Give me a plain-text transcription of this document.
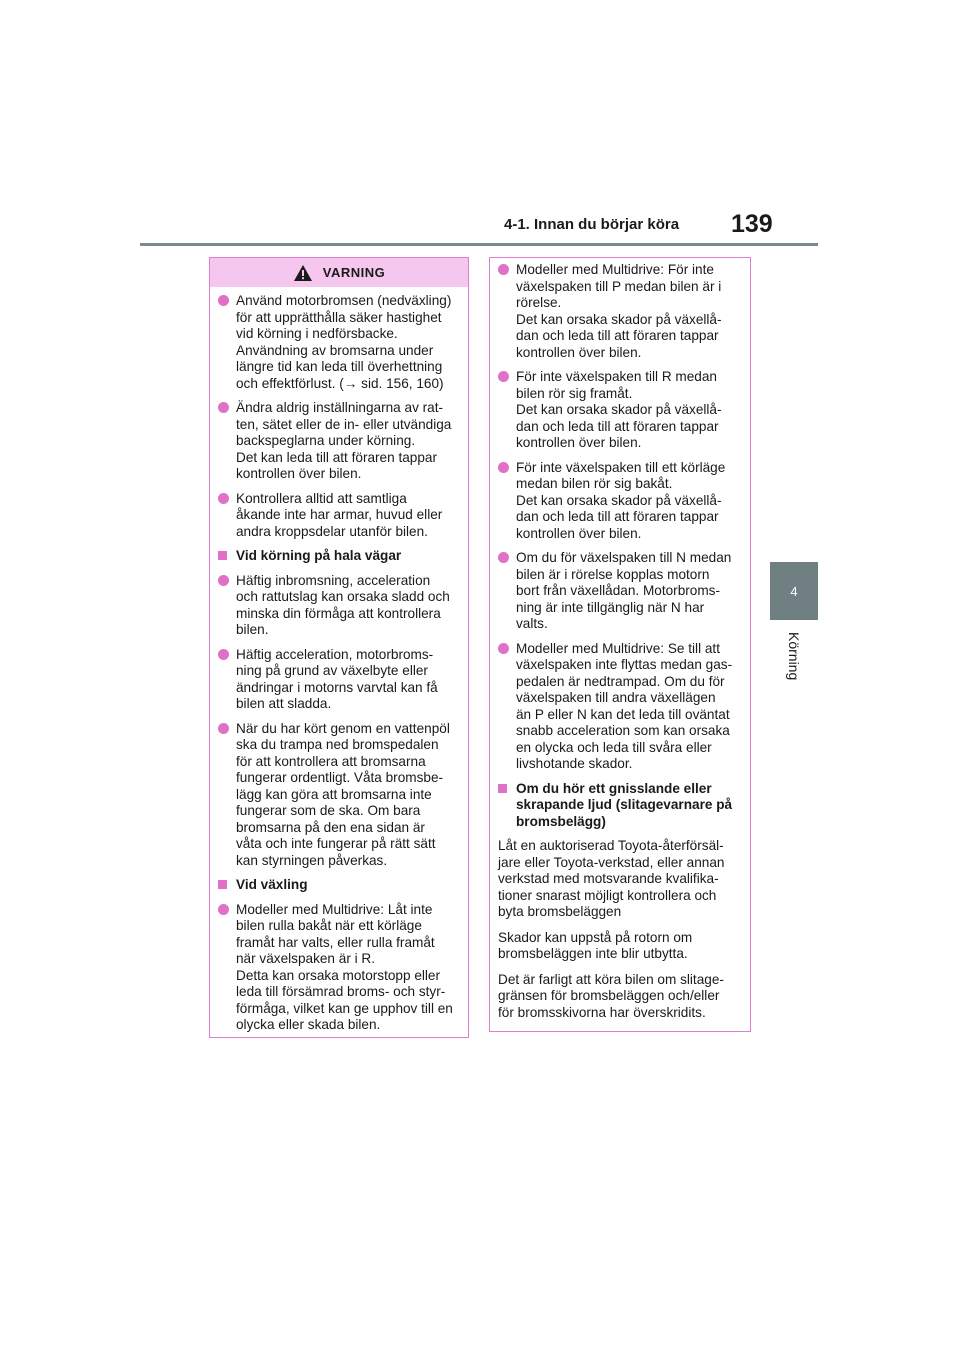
4-1. Innan du börjar köra 139
4
Körning
VARNING
Använd motorbromsen (nedväxling)
för att upprätthålla säker hastighet
vid körning i nedförsbacke.
Användning av bromsarna under
längre tid kan leda till överhettning
och effektförlust. (→ sid. 156, 160)
Ändra aldrig inställningarna av rat-
ten, sätet eller de in- eller utvändiga
backspeglarna under körning.
Det kan leda till att föraren tappar
kontrollen över bilen.
Kontrollera alltid att samtliga
åkande inte har armar, huvud eller
andra kroppsdelar utanför bilen.
Vid körning på hala vägar
Häftig inbromsning, acceleration
och rattutslag kan orsaka sladd och
minska din förmåga att kontrollera
bilen.
Häftig acceleration, motorbroms-
ning på grund av växelbyte eller
ändringar i motorns varvtal kan få
bilen att sladda.
När du har kört genom en vattenpöl
ska du trampa ned bromspedalen
för att kontrollera att bromsarna
fungerar ordentligt. Våta bromsbe-
lägg kan göra att bromsarna inte
fungerar som de ska. Om bara
bromsarna på den ena sidan är
våta och inte fungerar på rätt sätt
kan styrningen påverkas.
Vid växling
Modeller med Multidrive: Låt inte
bilen rulla bakåt när ett körläge
framåt har valts, eller rulla framåt
när växelspaken är i R.
Detta kan orsaka motorstopp eller
leda till försämrad broms- och styr-
förmåga, vilket kan ge upphov till en
olycka eller skada bilen.
Modeller med Multidrive: För inte
växelspaken till P medan bilen är i
rörelse.
Det kan orsaka skador på växellå-
dan och leda till att föraren tappar
kontrollen över bilen.
För inte växelspaken till R medan
bilen rör sig framåt.
Det kan orsaka skador på växellå-
dan och leda till att föraren tappar
kontrollen över bilen.
För inte växelspaken till ett körläge
medan bilen rör sig bakåt.
Det kan orsaka skador på växellå-
dan och leda till att föraren tappar
kontrollen över bilen.
Om du för växelspaken till N medan
bilen är i rörelse kopplas motorn
bort från växellådan. Motorbroms-
ning är inte tillgänglig när N har
valts.
Modeller med Multidrive: Se till att
växelspaken inte flyttas medan gas-
pedalen är nedtrampad. Om du för
växelspaken till andra växellägen
än P eller N kan det leda till oväntat
snabb acceleration som kan orsaka
en olycka och leda till svåra eller
livshotande skador.
Om du hör ett gnisslande eller
skrapande ljud (slitagevarnare på
bromsbelägg)
Låt en auktoriserad Toyota-återförsäl-
jare eller Toyota-verkstad, eller annan
verkstad med motsvarande kvalifika-
tioner snarast möjligt kontrollera och
byta bromsbeläggen
Skador kan uppstå på rotorn om
bromsbeläggen inte blir utbytta.
Det är farligt att köra bilen om slitage-
gränsen för bromsbeläggen och/eller
för bromsskivorna har överskridits.
